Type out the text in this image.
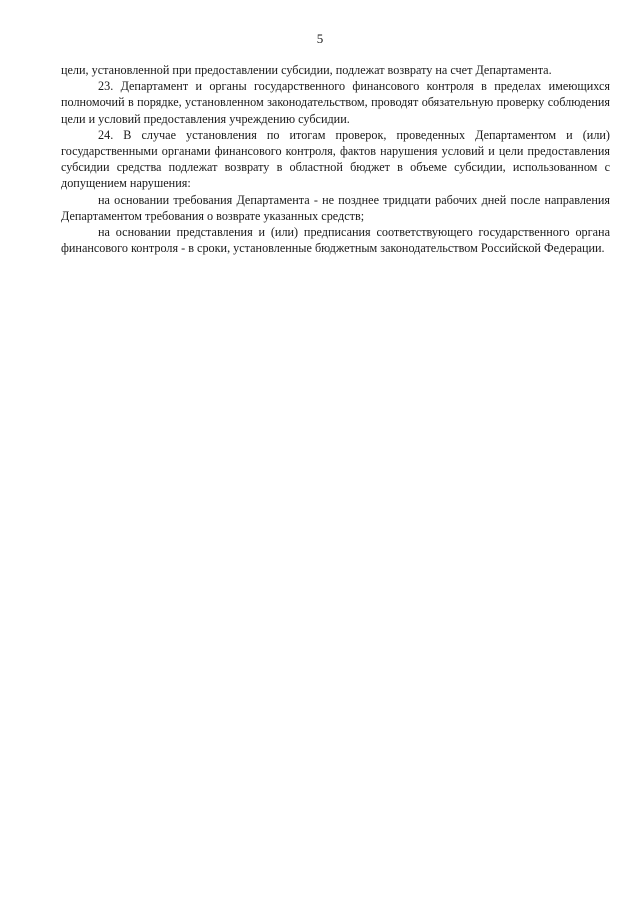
5

цели, установленной при предоставлении субсидии, подлежат возврату на счет Департамента.

23. Департамент и органы государственного финансового контроля в пределах имеющихся полномочий в порядке, установленном законодательством, проводят обязательную проверку соблюдения цели и условий предоставления учреждению субсидии.

24. В случае установления по итогам проверок, проведенных Департаментом и (или) государственными органами финансового контроля, фактов нарушения условий и цели предоставления субсидии средства подлежат возврату в областной бюджет в объеме субсидии, использованном с допущением нарушения:

на основании требования Департамента - не позднее тридцати рабочих дней после направления Департаментом требования о возврате указанных средств;

на основании представления и (или) предписания соответствующего государственного органа финансового контроля - в сроки, установленные бюджетным законодательством Российской Федерации.
